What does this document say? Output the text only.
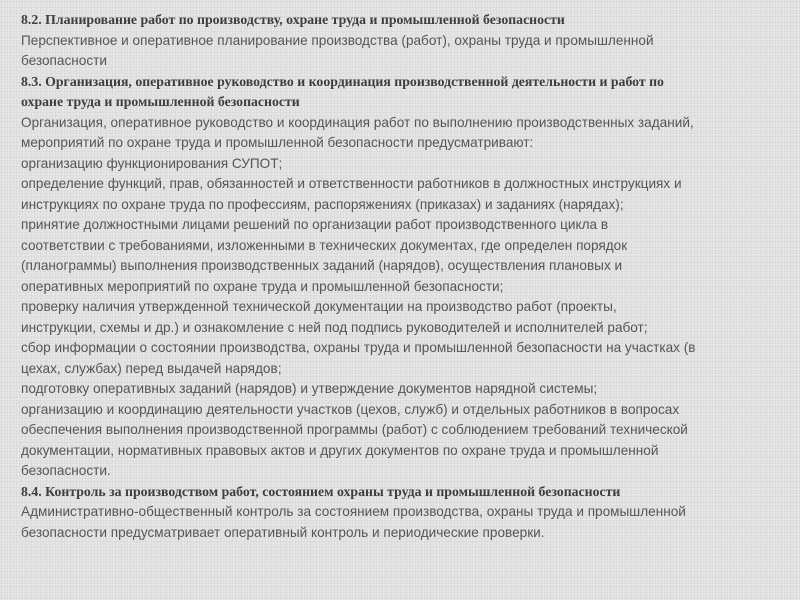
8.2. Планирование работ по производству, охране труда и промышленной безопасности

Перспективное и оперативное планирование производства (работ), охраны труда и промышленной
безопасности

8.3. Организация, оперативное руководство и координация производственной деятельности и работ по
охране труда и промышленной безопасности

Организация, оперативное руководство и координация работ по выполнению производственных заданий,
мероприятий по охране труда и промышленной безопасности предусматривают:

организацию функционирования СУПОТ;

определение функций, прав, обязанностей и ответственности работников в должностных инструкциях и
инструкциях по охране труда по профессиям, распоряжениях (приказах) и заданиях (нарядах);

принятие должностными лицами решений по организации работ производственного цикла в
соответствии с требованиями, изложенными в технических документах, где определен порядок
(планограммы) выполнения производственных заданий (нарядов), осуществления плановых и
оперативных мероприятий по охране труда и промышленной безопасности;

проверку наличия утвержденной технической документации на производство работ (проекты,
инструкции, схемы и др.) и ознакомление с ней под подпись руководителей и исполнителей работ;

сбор информации о состоянии производства, охраны труда и промышленной безопасности на участках (в
цехах, службах) перед выдачей нарядов;

подготовку оперативных заданий (нарядов) и утверждение документов нарядной системы;

организацию и координацию деятельности участков (цехов, служб) и отдельных работников в вопросах
обеспечения выполнения производственной программы (работ) с соблюдением требований технической
документации, нормативных правовых актов и других документов по охране труда и промышленной
безопасности.

8.4. Контроль за производством работ, состоянием охраны труда и промышленной безопасности

Административно-общественный контроль за состоянием производства, охраны труда и промышленной
безопасности предусматривает оперативный контроль и периодические проверки.
